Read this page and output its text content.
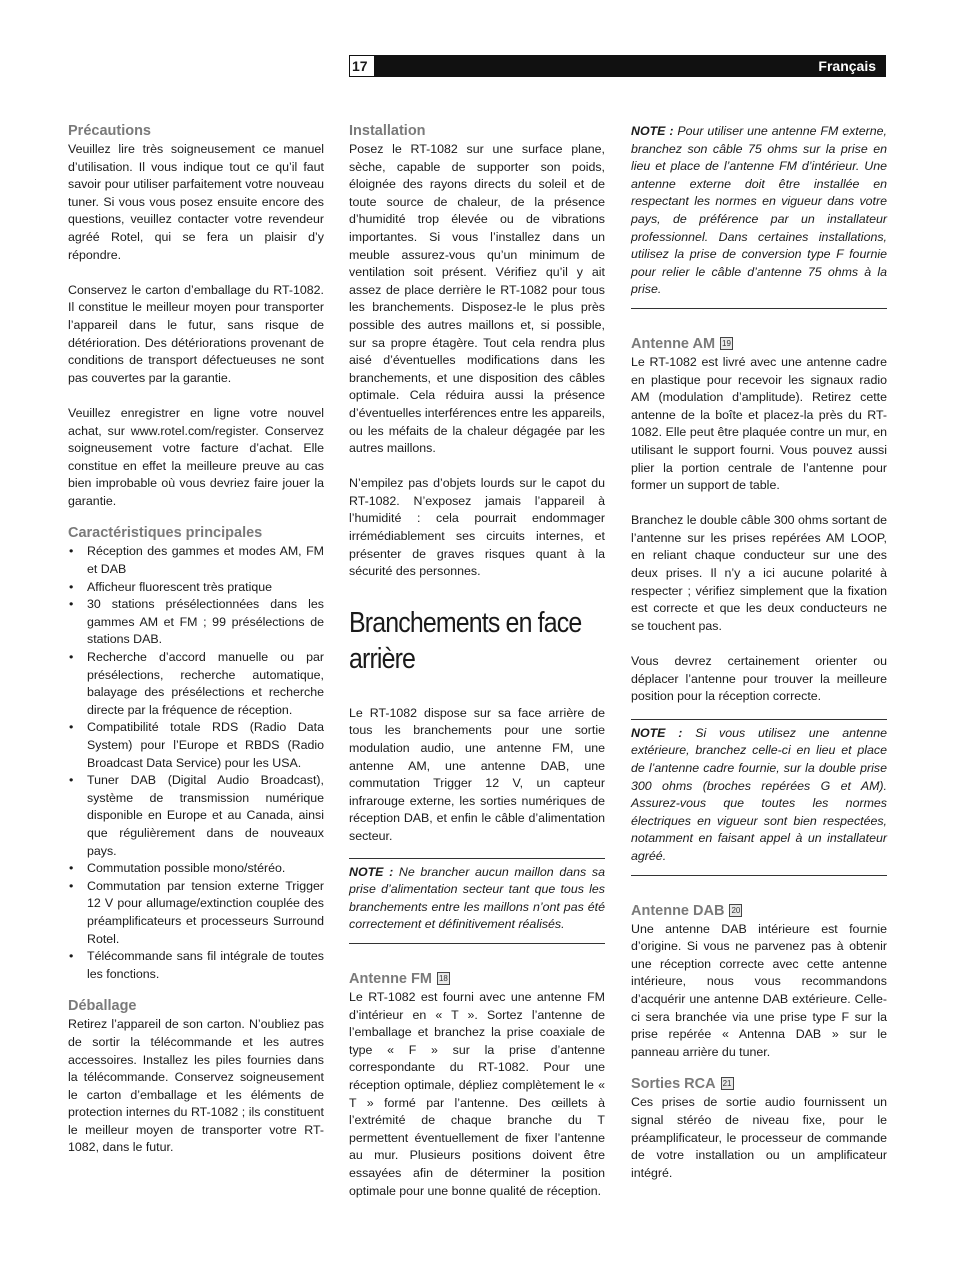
17	Français
Précautions

Veuillez lire très soigneusement ce manuel d’utilisation. Il vous indique tout ce qu’il faut savoir pour utiliser parfaitement votre nouveau tuner. Si vous vous posez ensuite encore des questions, veuillez contacter votre revendeur agréé Rotel, qui se fera un plaisir d’y répondre.

Conservez le carton d’emballage du RT-1082. Il constitue le meilleur moyen pour transporter l’appareil dans le futur, sans risque de détérioration. Des détériorations provenant de conditions de transport défectueuses ne sont pas couvertes par la garantie.

Veuillez enregistrer en ligne votre nouvel achat, sur www.rotel.com/register. Conservez soigneusement votre facture d’achat. Elle constitue en effet la meilleure preuve au cas bien improbable où vous devriez faire jouer la garantie.

Caractéristiques principales
• Réception des gammes et modes AM, FM et DAB
• Afficheur fluorescent très pratique
• 30 stations présélectionnées dans les gammes AM et FM ; 99 présélections de stations DAB.
• Recherche d’accord manuelle ou par présélections, recherche automatique, balayage des présélections et recherche directe par la fréquence de réception.
• Compatibilité totale RDS (Radio Data System) pour l’Europe et RBDS (Radio Broadcast Data Service) pour les USA.
• Tuner DAB (Digital Audio Broadcast), système de transmission numérique disponible en Europe et au Canada, ainsi que régulièrement dans de nouveaux pays.
• Commutation possible mono/stéréo.
• Commutation par tension externe Trigger 12 V pour allumage/extinction couplée des préamplificateurs et processeurs Surround Rotel.
• Télécommande sans fil intégrale de toutes les fonctions.
Déballage

Retirez l’appareil de son carton. N’oubliez pas de sortir la télécommande et les autres accessoires. Installez les piles fournies dans la télécommande. Conservez soigneusement le carton d’emballage et les éléments de protection internes du RT-1082 ; ils constituent le meilleur moyen de transporter votre RT-1082, dans le futur.

Installation

Posez le RT-1082 sur une surface plane, sèche, capable de supporter son poids, éloignée des rayons directs du soleil et de toute source de chaleur, de la présence d’humidité trop élevée ou de vibrations importantes. Si vous l’installez dans un meuble assurez-vous qu’un minimum de ventilation soit présent. Vérifiez qu’il y ait assez de place derrière le RT-1082 pour tous les branchements. Disposez-le le plus près possible des autres maillons et, si possible, sur sa propre étagère. Tout cela rendra plus aisé d’éventuelles modifications dans les branchements, et une disposition des câbles optimale. Cela réduira aussi la présence d’éventuelles interférences entre les appareils, ou les méfaits de la chaleur dégagée par les autres maillons.

N’empilez pas d’objets lourds sur le capot du RT-1082. N’exposez jamais l’appareil à l’humidité : cela pourrait endommager irrémédiablement ses circuits internes, et présenter de graves risques quant à la sécurité des personnes.

Branchements en face arrière

Le RT-1082 dispose sur sa face arrière de tous les branchements pour une sortie modulation audio, une antenne FM, une antenne AM, une antenne DAB, une commutation Trigger 12 V, un capteur infrarouge externe, les sorties numériques de réception DAB, et enfin le câble d’alimentation secteur.

NOTE : Ne brancher aucun maillon dans sa prise d’alimentation secteur tant que tous les branchements entre les maillons n’ont pas été correctement et définitivement réalisés.
Antenne FM 18

Le RT-1082 est fourni avec une antenne FM d’intérieur en « T ». Sortez l’antenne de l’emballage et branchez la prise coaxiale de type « F » sur la prise d’antenne correspondante du RT-1082. Pour une réception optimale, dépliez complètement le « T » formé par l’antenne. Des œillets à l’extrémité de chaque branche du T permettent éventuellement de fixer l’antenne au mur. Plusieurs positions doivent être essayées afin de déterminer la position optimale pour une bonne qualité de réception.

NOTE : Pour utiliser une antenne FM externe, branchez son câble 75 ohms sur la prise en lieu et place de l’antenne FM d’intérieur. Une antenne externe doit être installée en respectant les normes en vigueur dans votre pays, de préférence par un installateur professionnel. Dans certaines installations, utilisez la prise de conversion type F fournie pour relier le câble d’antenne 75 ohms à la prise.
Antenne AM 19

Le RT-1082 est livré avec une antenne cadre en plastique pour recevoir les signaux radio AM (modulation d’amplitude). Retirez cette antenne de la boîte et placez-la près du RT-1082. Elle peut être plaquée contre un mur, en utilisant le support fourni. Vous pouvez aussi plier la portion centrale de l’antenne pour former un support de table.

Branchez le double câble 300 ohms sortant de l’antenne sur les prises repérées AM LOOP, en reliant chaque conducteur sur une des deux prises. Il n’y a ici aucune polarité à respecter ; vérifiez simplement que la fixation est correcte et que les deux conducteurs ne se touchent pas.

Vous devrez certainement orienter ou déplacer l’antenne pour trouver la meilleure position pour la réception correcte.

NOTE : Si vous utilisez une antenne extérieure, branchez celle-ci en lieu et place de l’antenne cadre fournie, sur la double prise 300 ohms (broches repérées G et AM). Assurez-vous que toutes les normes électriques en vigueur sont bien respectées, notamment en faisant appel à un installateur agréé.
Antenne DAB 20

Une antenne DAB intérieure est fournie d’origine. Si vous ne parvenez pas à obtenir une réception correcte avec cette antenne intérieure, nous vous recommandons d’acquérir une antenne DAB extérieure. Celle-ci sera branchée via une prise type F sur la prise repérée « Antenna DAB » sur le panneau arrière du tuner.

Sorties RCA 21

Ces prises de sortie audio fournissent un signal stéréo de niveau fixe, pour le préamplificateur, le processeur de commande de votre installation ou un amplificateur intégré.
